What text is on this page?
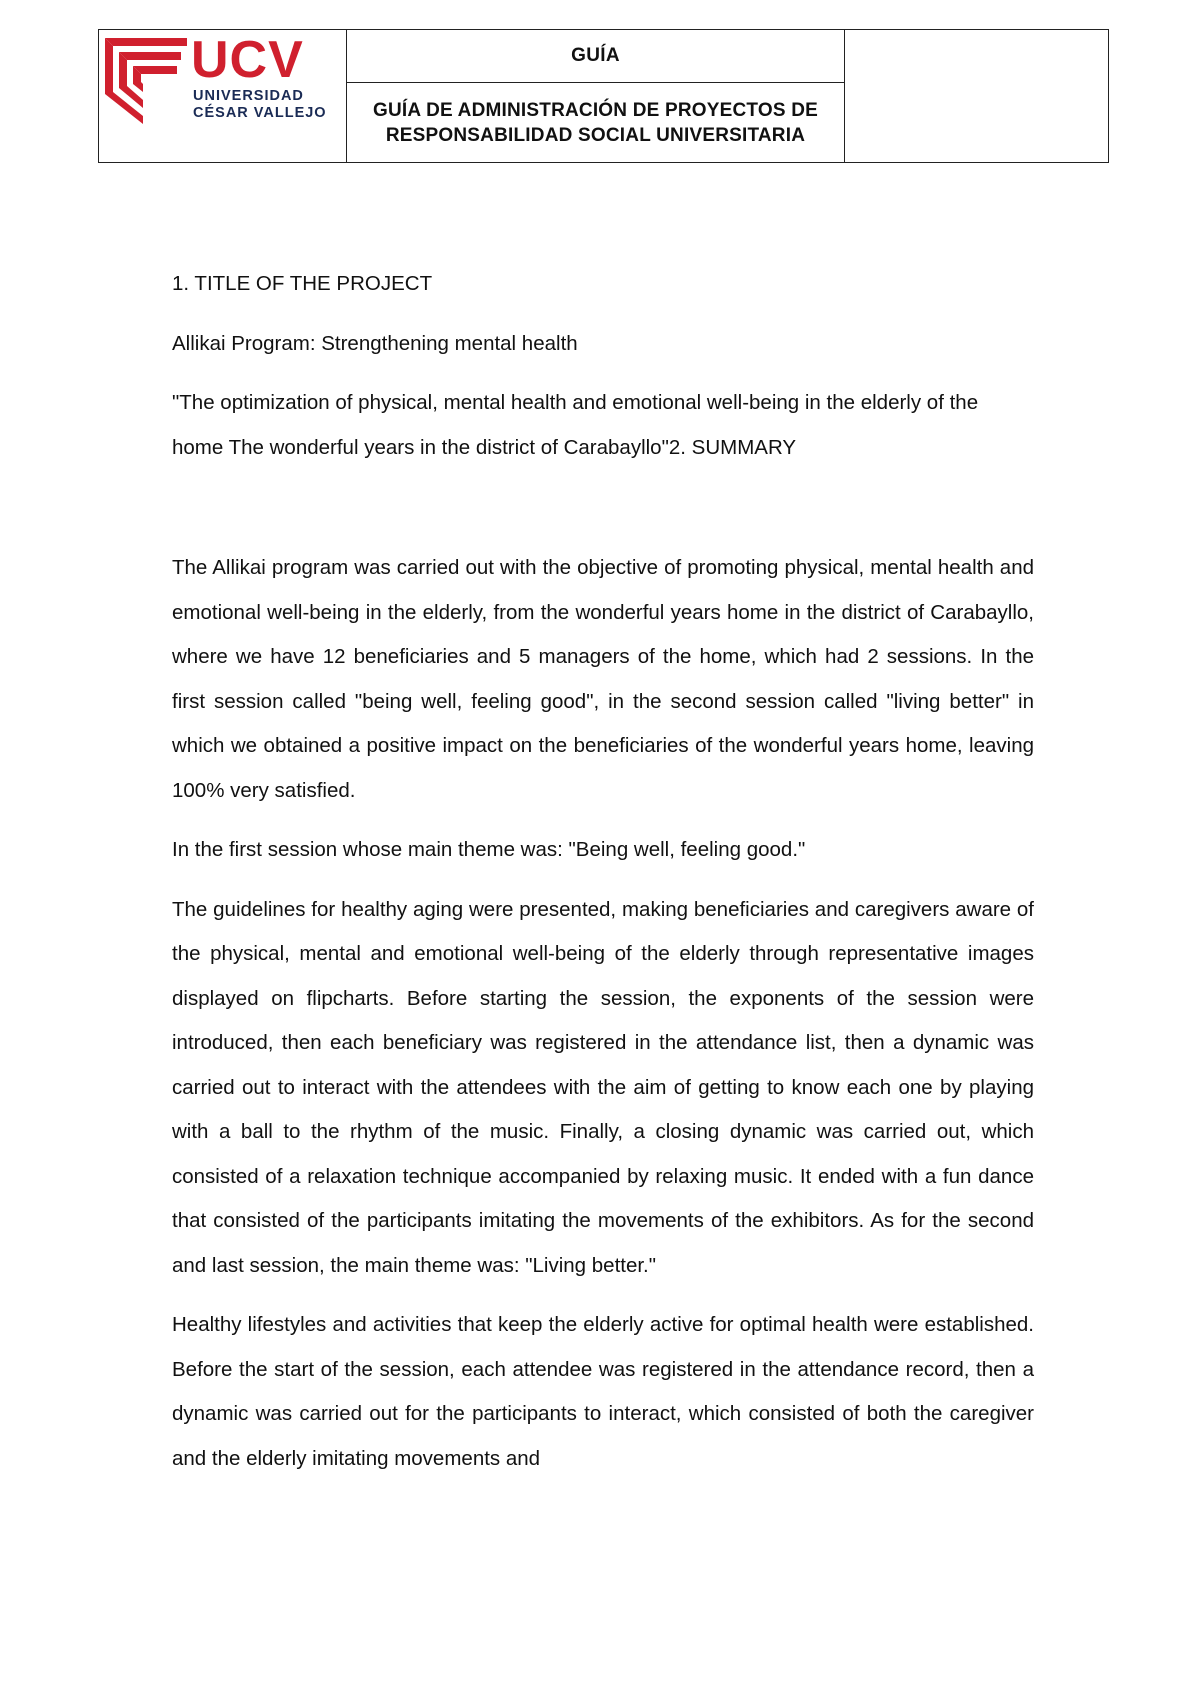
UCV
UNIVERSIDAD
CÉSAR VALLEJO
GUÍA
GUÍA DE ADMINISTRACIÓN DE PROYECTOS DE RESPONSABILIDAD SOCIAL UNIVERSITARIA

1. TITLE OF THE PROJECT

Allikai Program: Strengthening mental health

"The optimization of physical, mental health and emotional well-being in the elderly of the home The wonderful years in the district of Carabayllo"2. SUMMARY

The Allikai program was carried out with the objective of promoting physical, mental health and emotional well-being in the elderly, from the wonderful years home in the district of Carabayllo, where we have 12 beneficiaries and 5 managers of the home, which had 2 sessions. In the first session called "being well, feeling good", in the second session called "living better" in which we obtained a positive impact on the beneficiaries of the wonderful years home, leaving 100% very satisfied.

In the first session whose main theme was: "Being well, feeling good."

The guidelines for healthy aging were presented, making beneficiaries and caregivers aware of the physical, mental and emotional well-being of the elderly through representative images displayed on flipcharts. Before starting the session, the exponents of the session were introduced, then each beneficiary was registered in the attendance list, then a dynamic was carried out to interact with the attendees with the aim of getting to know each one by playing with a ball to the rhythm of the music. Finally, a closing dynamic was carried out, which consisted of a relaxation technique accompanied by relaxing music. It ended with a fun dance that consisted of the participants imitating the movements of the exhibitors. As for the second and last session, the main theme was: "Living better."

Healthy lifestyles and activities that keep the elderly active for optimal health were established. Before the start of the session, each attendee was registered in the attendance record, then a dynamic was carried out for the participants to interact, which consisted of both the caregiver and the elderly imitating movements and
